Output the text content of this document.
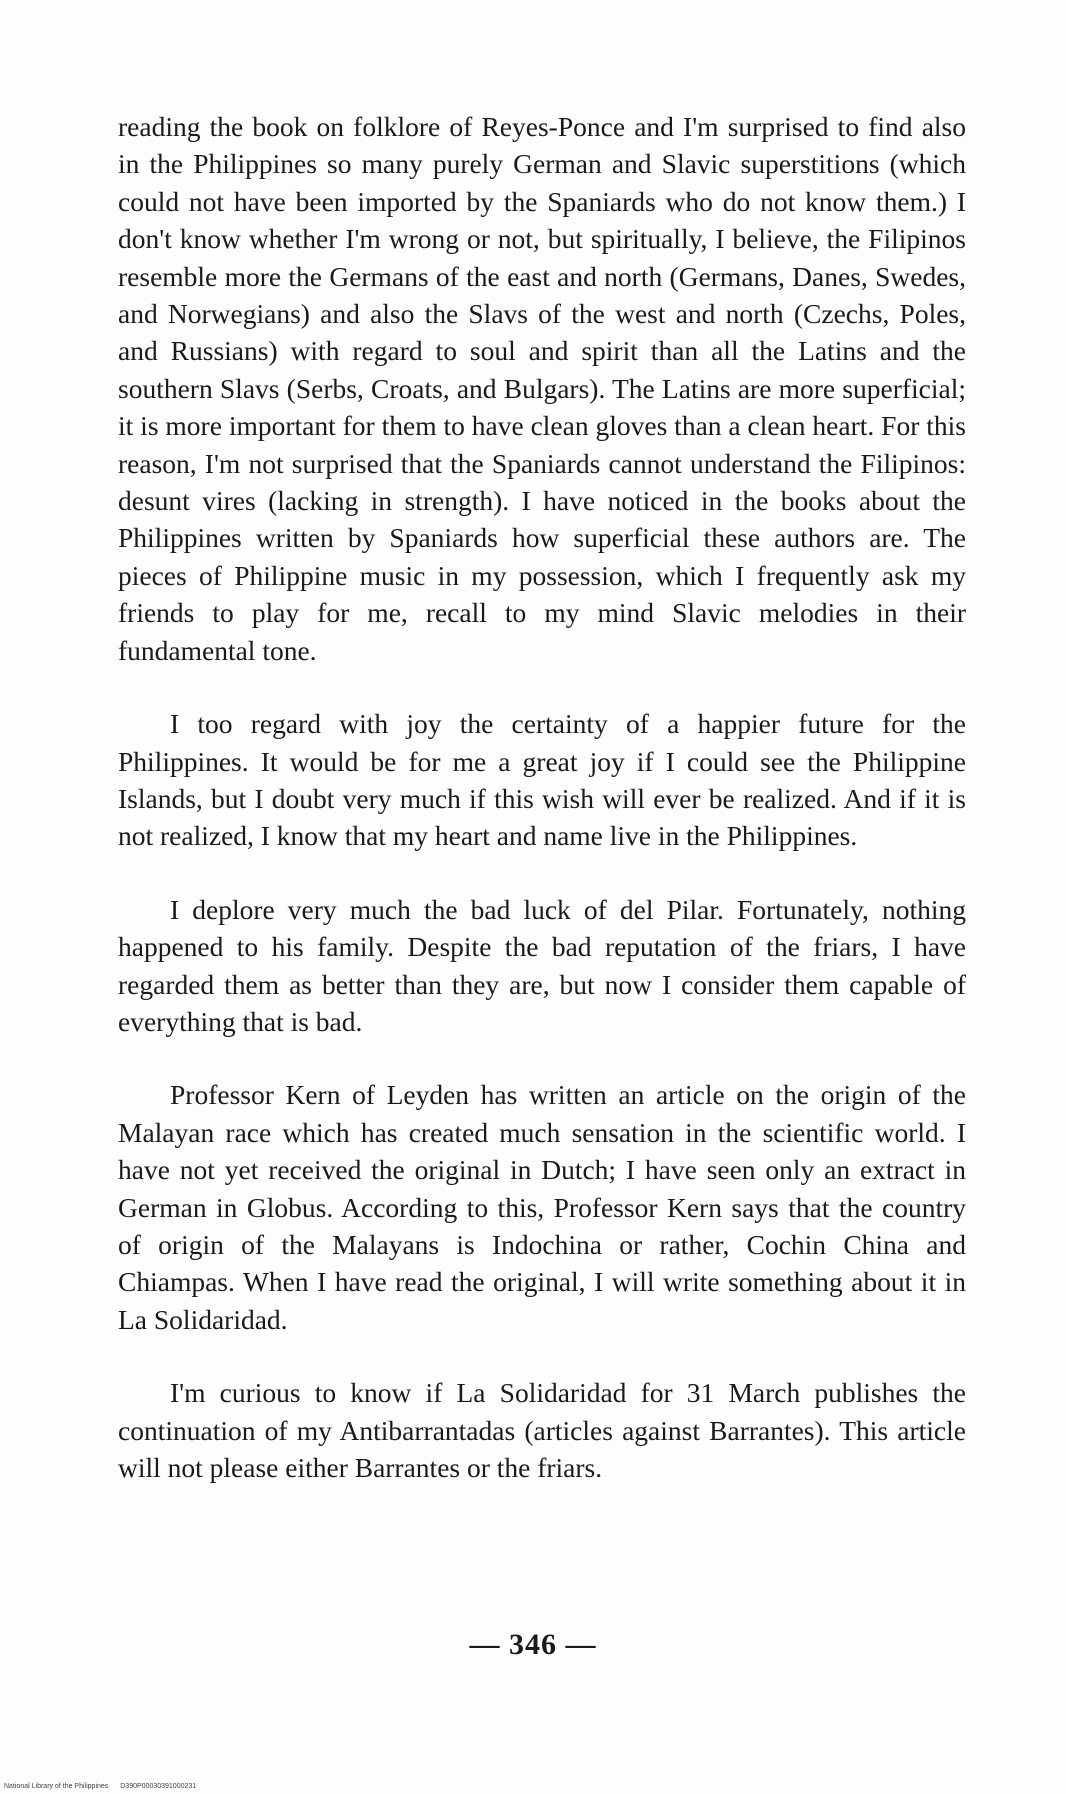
reading the book on folklore of Reyes-Ponce and I'm surprised to find also in the Philippines so many purely German and Slavic superstitions (which could not have been imported by the Spaniards who do not know them.) I don't know whether I'm wrong or not, but spiritually, I believe, the Filipinos resemble more the Germans of the east and north (Germans, Danes, Swedes, and Norwegians) and also the Slavs of the west and north (Czechs, Poles, and Russians) with regard to soul and spirit than all the Latins and the southern Slavs (Serbs, Croats, and Bulgars). The Latins are more superficial; it is more important for them to have clean gloves than a clean heart. For this reason, I'm not surprised that the Spaniards cannot understand the Filipinos: desunt vires (lacking in strength). I have noticed in the books about the Philippines written by Spaniards how superficial these authors are. The pieces of Philippine music in my possession, which I frequently ask my friends to play for me, recall to my mind Slavic melodies in their fundamental tone.

I too regard with joy the certainty of a happier future for the Philippines. It would be for me a great joy if I could see the Philippine Islands, but I doubt very much if this wish will ever be realized. And if it is not realized, I know that my heart and name live in the Philippines.

I deplore very much the bad luck of del Pilar. Fortunately, nothing happened to his family. Despite the bad reputation of the friars, I have regarded them as better than they are, but now I consider them capable of everything that is bad.

Professor Kern of Leyden has written an article on the origin of the Malayan race which has created much sensation in the scientific world. I have not yet received the original in Dutch; I have seen only an extract in German in Globus. According to this, Professor Kern says that the country of origin of the Malayans is Indochina or rather, Cochin China and Chiampas. When I have read the original, I will write something about it in La Solidaridad.

I'm curious to know if La Solidaridad for 31 March publishes the continuation of my Antibarrantadas (articles against Barrantes). This article will not please either Barrantes or the friars.

— 346 —
National Library of the Philippines D390P00030391000231
